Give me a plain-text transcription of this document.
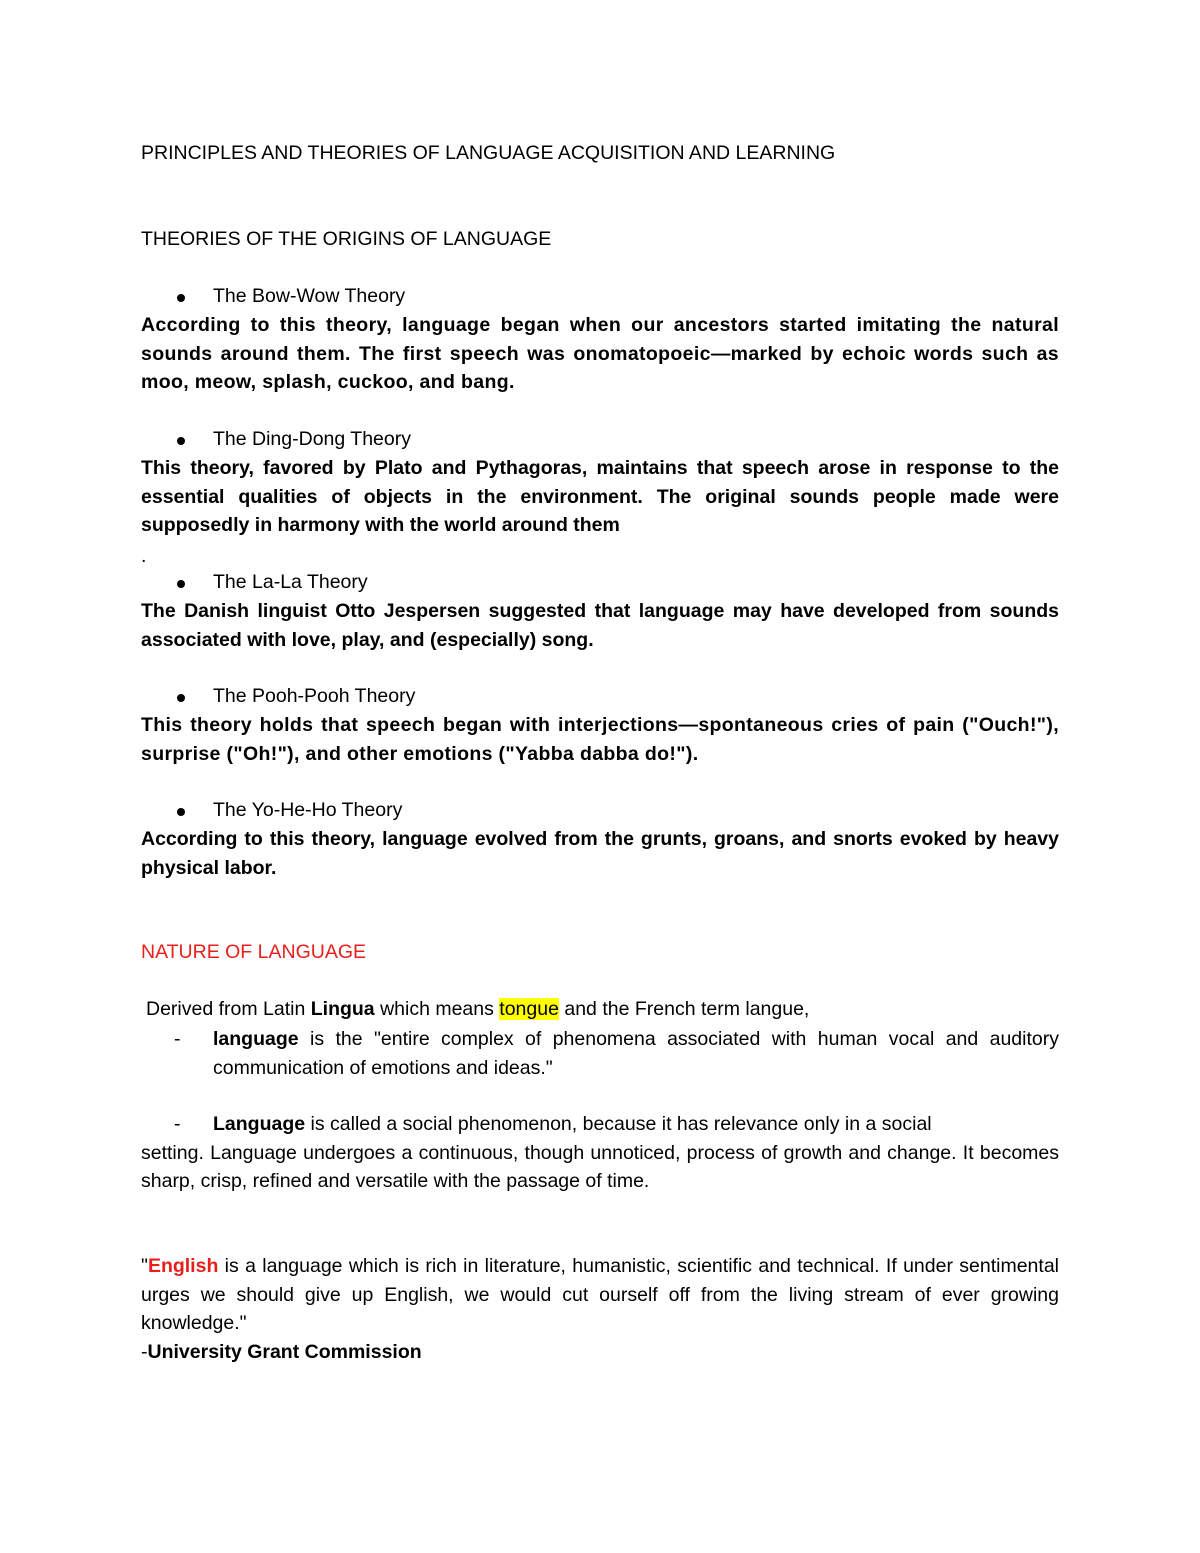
PRINCIPLES AND THEORIES OF LANGUAGE ACQUISITION AND LEARNING
THEORIES OF THE ORIGINS OF LANGUAGE
The Bow-Wow Theory
According to this theory, language began when our ancestors started imitating the natural sounds around them. The first speech was onomatopoeic—marked by echoic words such as moo, meow, splash, cuckoo, and bang.
The Ding-Dong Theory
This theory, favored by Plato and Pythagoras, maintains that speech arose in response to the essential qualities of objects in the environment. The original sounds people made were supposedly in harmony with the world around them
.
The La-La Theory
The Danish linguist Otto Jespersen suggested that language may have developed from sounds associated with love, play, and (especially) song.
The Pooh-Pooh Theory
This theory holds that speech began with interjections—spontaneous cries of pain ("Ouch!"), surprise ("Oh!"), and other emotions ("Yabba dabba do!").
The Yo-He-Ho Theory
According to this theory, language evolved from the grunts, groans, and snorts evoked by heavy physical labor.
NATURE OF LANGUAGE
Derived from Latin Lingua which means tongue and the French term langue,
- language is the "entire complex of phenomena associated with human vocal and auditory communication of emotions and ideas."
- Language is called a social phenomenon, because it has relevance only in a social
setting. Language undergoes a continuous, though unnoticed, process of growth and change. It becomes sharp, crisp, refined and versatile with the passage of time.
"English is a language which is rich in literature, humanistic, scientific and technical. If under sentimental urges we should give up English, we would cut ourself off from the living stream of ever growing knowledge."
-University Grant Commission
